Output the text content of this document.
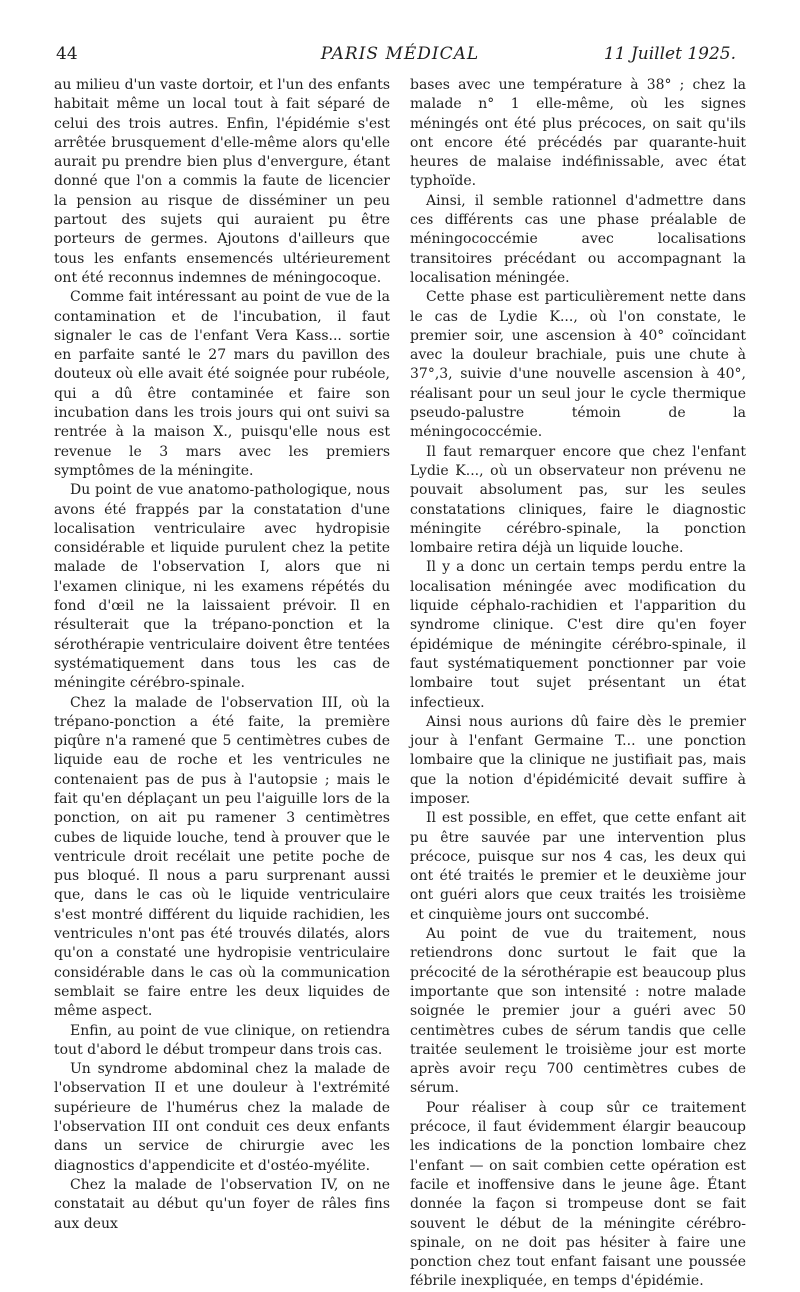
44	PARIS MÉDICAL	11 Juillet 1925.

au milieu d'un vaste dortoir, et l'un des enfants habitait même un local tout à fait séparé de celui des trois autres. Enfin, l'épidémie s'est arrêtée brusquement d'elle-même alors qu'elle aurait pu prendre bien plus d'envergure, étant donné que l'on a commis la faute de licencier la pension au risque de disséminer un peu partout des sujets qui auraient pu être porteurs de germes. Ajoutons d'ailleurs que tous les enfants ensemencés ultérieurement ont été reconnus indemnes de méningocoque.

Comme fait intéressant au point de vue de la contamination et de l'incubation, il faut signaler le cas de l'enfant Vera Kass... sortie en parfaite santé le 27 mars du pavillon des douteux où elle avait été soignée pour rubéole, qui a dû être contaminée et faire son incubation dans les trois jours qui ont suivi sa rentrée à la maison X., puisqu'elle nous est revenue le 3 mars avec les premiers symptômes de la méningite.

Du point de vue anatomo-pathologique, nous avons été frappés par la constatation d'une localisation ventriculaire avec hydropisie considérable et liquide purulent chez la petite malade de l'observation I, alors que ni l'examen clinique, ni les examens répétés du fond d'œil ne la laissaient prévoir. Il en résulterait que la trépano-ponction et la sérothérapie ventriculaire doivent être tentées systématiquement dans tous les cas de méningite cérébro-spinale.

Chez la malade de l'observation III, où la trépano-ponction a été faite, la première piqûre n'a ramené que 5 centimètres cubes de liquide eau de roche et les ventricules ne contenaient pas de pus à l'autopsie ; mais le fait qu'en déplaçant un peu l'aiguille lors de la ponction, on ait pu ramener 3 centimètres cubes de liquide louche, tend à prouver que le ventricule droit recélait une petite poche de pus bloqué. Il nous a paru surprenant aussi que, dans le cas où le liquide ventriculaire s'est montré différent du liquide rachidien, les ventricules n'ont pas été trouvés dilatés, alors qu'on a constaté une hydropisie ventriculaire considérable dans le cas où la communication semblait se faire entre les deux liquides de même aspect.

Enfin, au point de vue clinique, on retiendra tout d'abord le début trompeur dans trois cas.

Un syndrome abdominal chez la malade de l'observation II et une douleur à l'extrémité supérieure de l'humérus chez la malade de l'observation III ont conduit ces deux enfants dans un service de chirurgie avec les diagnostics d'appendicite et d'ostéo-myélite.

Chez la malade de l'observation IV, on ne constatait au début qu'un foyer de râles fins aux deux

bases avec une température à 38° ; chez la malade n° 1 elle-même, où les signes méningés ont été plus précoces, on sait qu'ils ont encore été précédés par quarante-huit heures de malaise indéfinissable, avec état typhoïde.

Ainsi, il semble rationnel d'admettre dans ces différents cas une phase préalable de méningococcémie avec localisations transitoires précédant ou accompagnant la localisation méningée.

Cette phase est particulièrement nette dans le cas de Lydie K..., où l'on constate, le premier soir, une ascension à 40° coïncidant avec la douleur brachiale, puis une chute à 37°,3, suivie d'une nouvelle ascension à 40°, réalisant pour un seul jour le cycle thermique pseudo-palustre témoin de la méningococcémie.

Il faut remarquer encore que chez l'enfant Lydie K..., où un observateur non prévenu ne pouvait absolument pas, sur les seules constatations cliniques, faire le diagnostic méningite cérébro-spinale, la ponction lombaire retira déjà un liquide louche.

Il y a donc un certain temps perdu entre la localisation méningée avec modification du liquide céphalo-rachidien et l'apparition du syndrome clinique. C'est dire qu'en foyer épidémique de méningite cérébro-spinale, il faut systématiquement ponctionner par voie lombaire tout sujet présentant un état infectieux.

Ainsi nous aurions dû faire dès le premier jour à l'enfant Germaine T... une ponction lombaire que la clinique ne justifiait pas, mais que la notion d'épidémicité devait suffire à imposer.

Il est possible, en effet, que cette enfant ait pu être sauvée par une intervention plus précoce, puisque sur nos 4 cas, les deux qui ont été traités le premier et le deuxième jour ont guéri alors que ceux traités les troisième et cinquième jours ont succombé.

Au point de vue du traitement, nous retiendrons donc surtout le fait que la précocité de la sérothérapie est beaucoup plus importante que son intensité : notre malade soignée le premier jour a guéri avec 50 centimètres cubes de sérum tandis que celle traitée seulement le troisième jour est morte après avoir reçu 700 centimètres cubes de sérum.

Pour réaliser à coup sûr ce traitement précoce, il faut évidemment élargir beaucoup les indications de la ponction lombaire chez l'enfant — on sait combien cette opération est facile et inoffensive dans le jeune âge. Étant donnée la façon si trompeuse dont se fait souvent le début de la méningite cérébro-spinale, on ne doit pas hésiter à faire une ponction chez tout enfant faisant une poussée fébrile inexpliquée, en temps d'épidémie.
